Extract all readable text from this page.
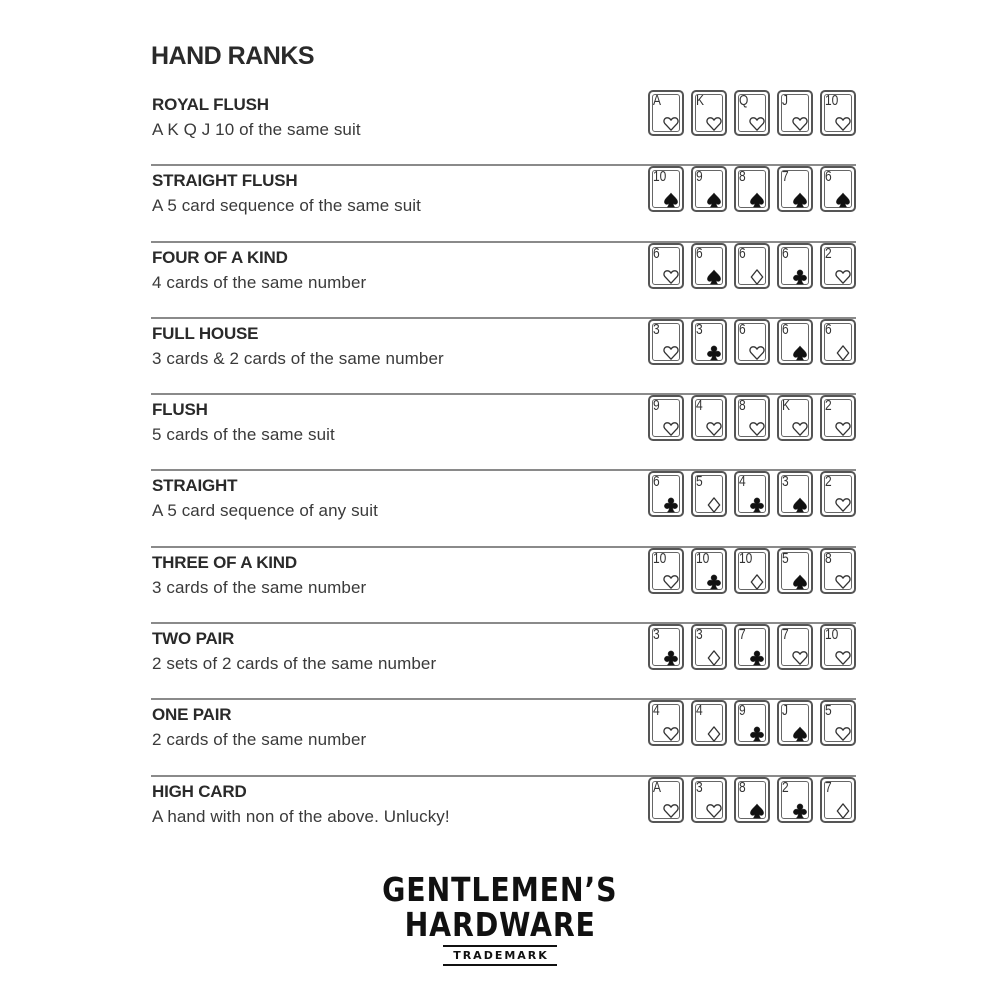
HAND RANKS
ROYAL FLUSH
A K Q J 10 of the same suit
A K Q J 10
STRAIGHT FLUSH
A 5 card sequence of the same suit
10 9 8 7 6
FOUR OF A KIND
4 cards of the same number
6 6 6 6 2
FULL HOUSE
3 cards & 2 cards of the same number
3 3 6 6 6
FLUSH
5 cards of the same suit
9 4 8 K 2
STRAIGHT
A 5 card sequence of any suit
6 5 4 3 2
THREE OF A KIND
3 cards of the same number
10 10 10 5 8
TWO PAIR
2 sets of 2 cards of the same number
3 3 7 7 10
ONE PAIR
2 cards of the same number
4 4 9 J 5
HIGH CARD
A hand with non of the above. Unlucky!
A 3 8 2 7
GENTLEMEN’S
HARDWARE
TRADEMARK
